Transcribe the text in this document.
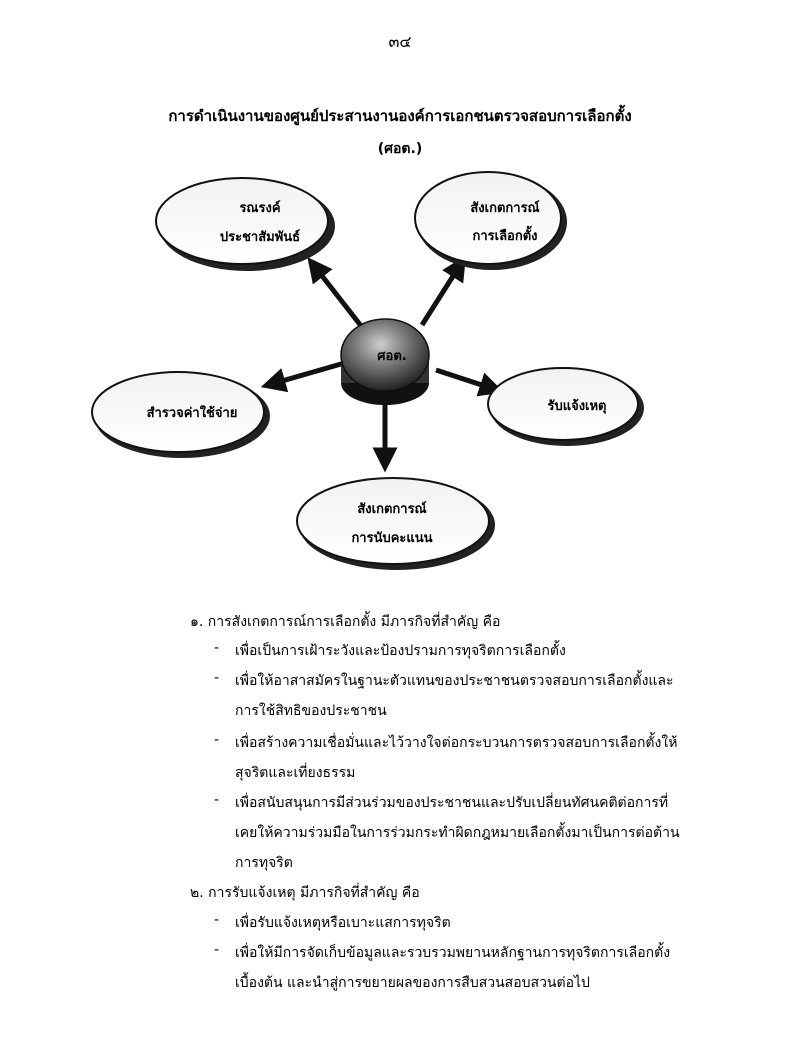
๓๔
การดำเนินงานของศูนย์ประสานงานองค์การเอกชนตรวจสอบการเลือกตั้ง
(ศอต.)
รณรงค์
ประชาสัมพันธ์
สังเกตการณ์
การเลือกตั้ง
สำรวจค่าใช้จ่าย	รับแจ้งเหตุ
สังเกตการณ์
การนับคะแนน
ศอต.
๑. การสังเกตการณ์การเลือกตั้ง มีภารกิจที่สำคัญ คือ
- เพื่อเป็นการเฝ้าระวังและป้องปรามการทุจริตการเลือกตั้ง
- เพื่อให้อาสาสมัครในฐานะตัวแทนของประชาชนตรวจสอบการเลือกตั้งและ
การใช้สิทธิของประชาชน
- เพื่อสร้างความเชื่อมั่นและไว้วางใจต่อกระบวนการตรวจสอบการเลือกตั้งให้
สุจริตและเที่ยงธรรม
- เพื่อสนับสนุนการมีส่วนร่วมของประชาชนและปรับเปลี่ยนทัศนคติต่อการที่
เคยให้ความร่วมมือในการร่วมกระทำผิดกฎหมายเลือกตั้งมาเป็นการต่อต้าน
การทุจริต
๒. การรับแจ้งเหตุ มีภารกิจที่สำคัญ คือ
- เพื่อรับแจ้งเหตุหรือเบาะแสการทุจริต
- เพื่อให้มีการจัดเก็บข้อมูลและรวบรวมพยานหลักฐานการทุจริตการเลือกตั้ง
เบื้องต้น และนำสู่การขยายผลของการสืบสวนสอบสวนต่อไป
